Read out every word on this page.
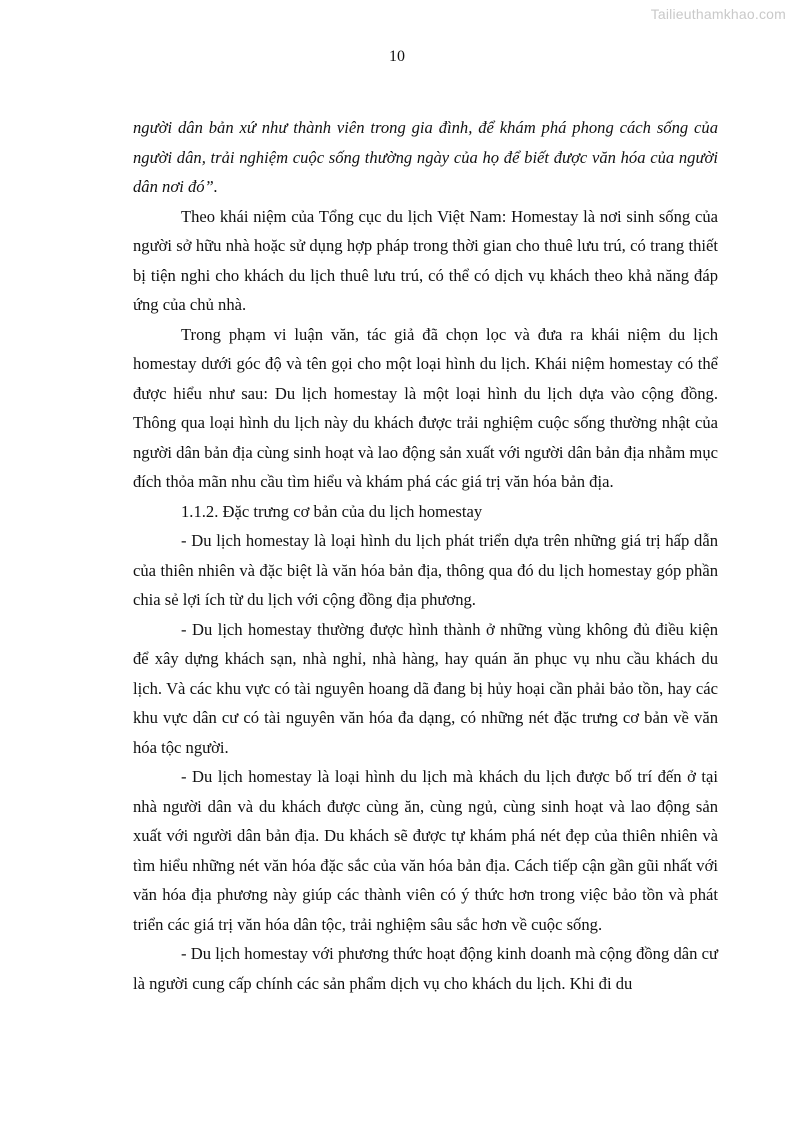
Tailieuthamkhao.com
10

người dân bản xứ như thành viên trong gia đình, để khám phá phong cách sống của người dân, trải nghiệm cuộc sống thường ngày của họ để biết được văn hóa của người dân nơi đó”.

Theo khái niệm của Tổng cục du lịch Việt Nam: Homestay là nơi sinh sống của người sở hữu nhà hoặc sử dụng hợp pháp trong thời gian cho thuê lưu trú, có trang thiết bị tiện nghi cho khách du lịch thuê lưu trú, có thể có dịch vụ khách theo khả năng đáp ứng của chủ nhà.

Trong phạm vi luận văn, tác giả đã chọn lọc và đưa ra khái niệm du lịch homestay dưới góc độ và tên gọi cho một loại hình du lịch. Khái niệm homestay có thể được hiểu như sau: Du lịch homestay là một loại hình du lịch dựa vào cộng đồng. Thông qua loại hình du lịch này du khách được trải nghiệm cuộc sống thường nhật của người dân bản địa cùng sinh hoạt và lao động sản xuất với người dân bản địa nhằm mục đích thỏa mãn nhu cầu tìm hiểu và khám phá các giá trị văn hóa bản địa.

1.1.2. Đặc trưng cơ bản của du lịch homestay

- Du lịch homestay là loại hình du lịch phát triển dựa trên những giá trị hấp dẫn của thiên nhiên và đặc biệt là văn hóa bản địa, thông qua đó du lịch homestay góp phần chia sẻ lợi ích từ du lịch với cộng đồng địa phương.

- Du lịch homestay thường được hình thành ở những vùng không đủ điều kiện để xây dựng khách sạn, nhà nghỉ, nhà hàng, hay quán ăn phục vụ nhu cầu khách du lịch. Và các khu vực có tài nguyên hoang dã đang bị hủy hoại cần phải bảo tồn, hay các khu vực dân cư có tài nguyên văn hóa đa dạng, có những nét đặc trưng cơ bản về văn hóa tộc người.

- Du lịch homestay là loại hình du lịch mà khách du lịch được bố trí đến ở tại nhà người dân và du khách được cùng ăn, cùng ngủ, cùng sinh hoạt và lao động sản xuất với người dân bản địa. Du khách sẽ được tự khám phá nét đẹp của thiên nhiên và tìm hiểu những nét văn hóa đặc sắc của văn hóa bản địa. Cách tiếp cận gần gũi nhất với văn hóa địa phương này giúp các thành viên có ý thức hơn trong việc bảo tồn và phát triển các giá trị văn hóa dân tộc, trải nghiệm sâu sắc hơn về cuộc sống.

- Du lịch homestay với phương thức hoạt động kinh doanh mà cộng đồng dân cư là người cung cấp chính các sản phẩm dịch vụ cho khách du lịch. Khi đi du
